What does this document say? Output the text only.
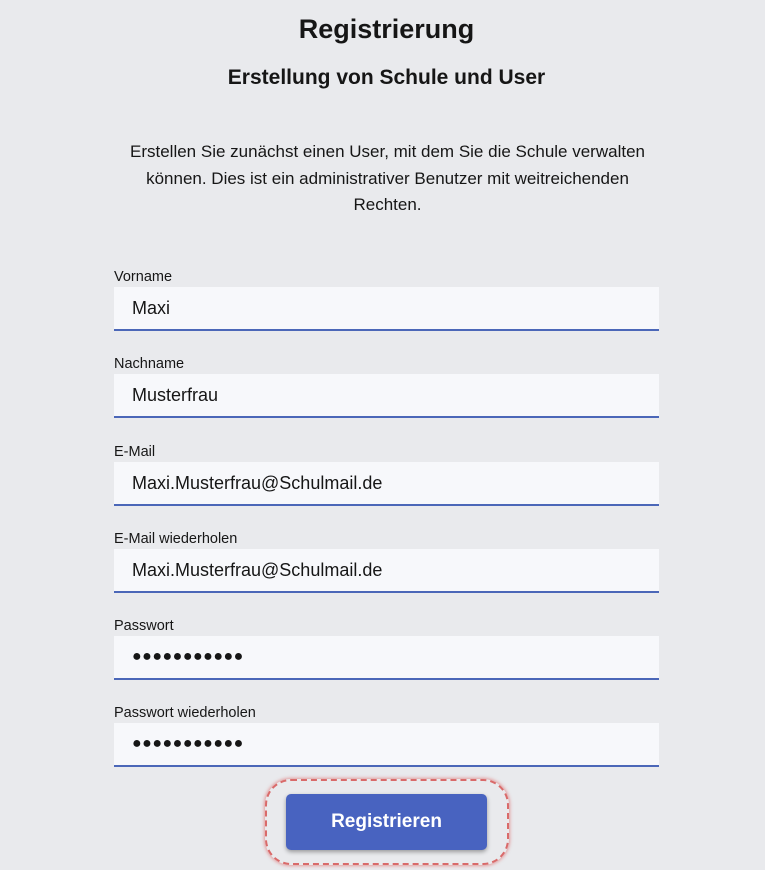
Registrierung
Erstellung von Schule und User

Erstellen Sie zunächst einen User, mit dem Sie die Schule verwalten können. Dies ist ein administrativer Benutzer mit weitreichenden Rechten.

Vorname
Maxi
Nachname
Musterfrau
E-Mail
Maxi.Musterfrau@Schulmail.de
E-Mail wiederholen
Maxi.Musterfrau@Schulmail.de
Passwort
●●●●●●●●●●●
Passwort wiederholen
●●●●●●●●●●●
Registrieren
